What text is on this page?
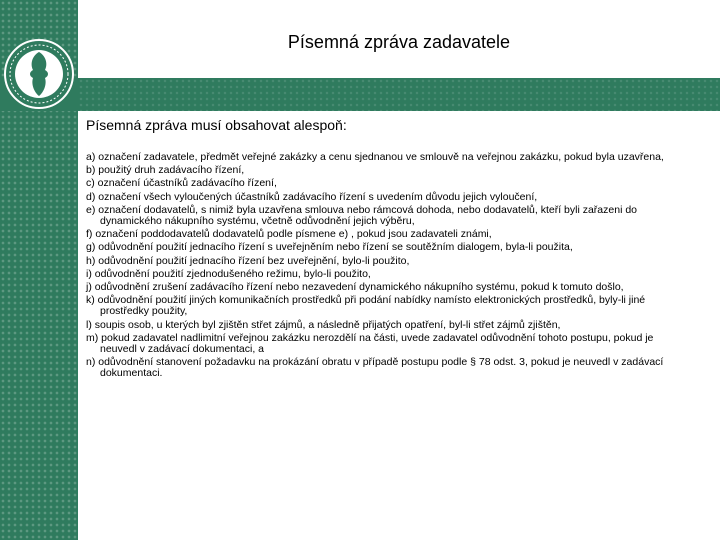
Písemná zpráva zadavatele
Písemná zpráva musí obsahovat alespoň:
a) označení zadavatele, předmět veřejné zakázky a cenu sjednanou ve smlouvě na veřejnou zakázku, pokud byla uzavřena,
b) použitý druh zadávacího řízení,
c) označení účastníků zadávacího řízení,
d) označení všech vyloučených účastníků zadávacího řízení s uvedením důvodu jejich vyloučení,
e) označení dodavatelů, s nimiž byla uzavřena smlouva nebo rámcová dohoda, nebo dodavatelů, kteří byli zařazeni do dynamického nákupního systému, včetně odůvodnění jejich výběru,
f) označení poddodavatelů dodavatelů podle písmene e) , pokud jsou zadavateli známi,
g) odůvodnění použití jednacího řízení s uveřejněním nebo řízení se soutěžním dialogem, byla-li použita,
h) odůvodnění použití jednacího řízení bez uveřejnění, bylo-li použito,
i) odůvodnění použití zjednodušeného režimu, bylo-li použito,
j) odůvodnění zrušení zadávacího řízení nebo nezavedení dynamického nákupního systému, pokud k tomuto došlo,
k) odůvodnění použití jiných komunikačních prostředků při podání nabídky namísto elektronických prostředků, byly-li jiné prostředky použity,
l) soupis osob, u kterých byl zjištěn střet zájmů, a následně přijatých opatření, byl-li střet zájmů zjištěn,
m) pokud zadavatel nadlimitní veřejnou zakázku nerozdělí na části, uvede zadavatel odůvodnění tohoto postupu, pokud je neuvedl v zadávací dokumentaci, a
n) odůvodnění stanovení požadavku na prokázání obratu v případě postupu podle § 78 odst. 3, pokud je neuvedl v zadávací dokumentaci.
